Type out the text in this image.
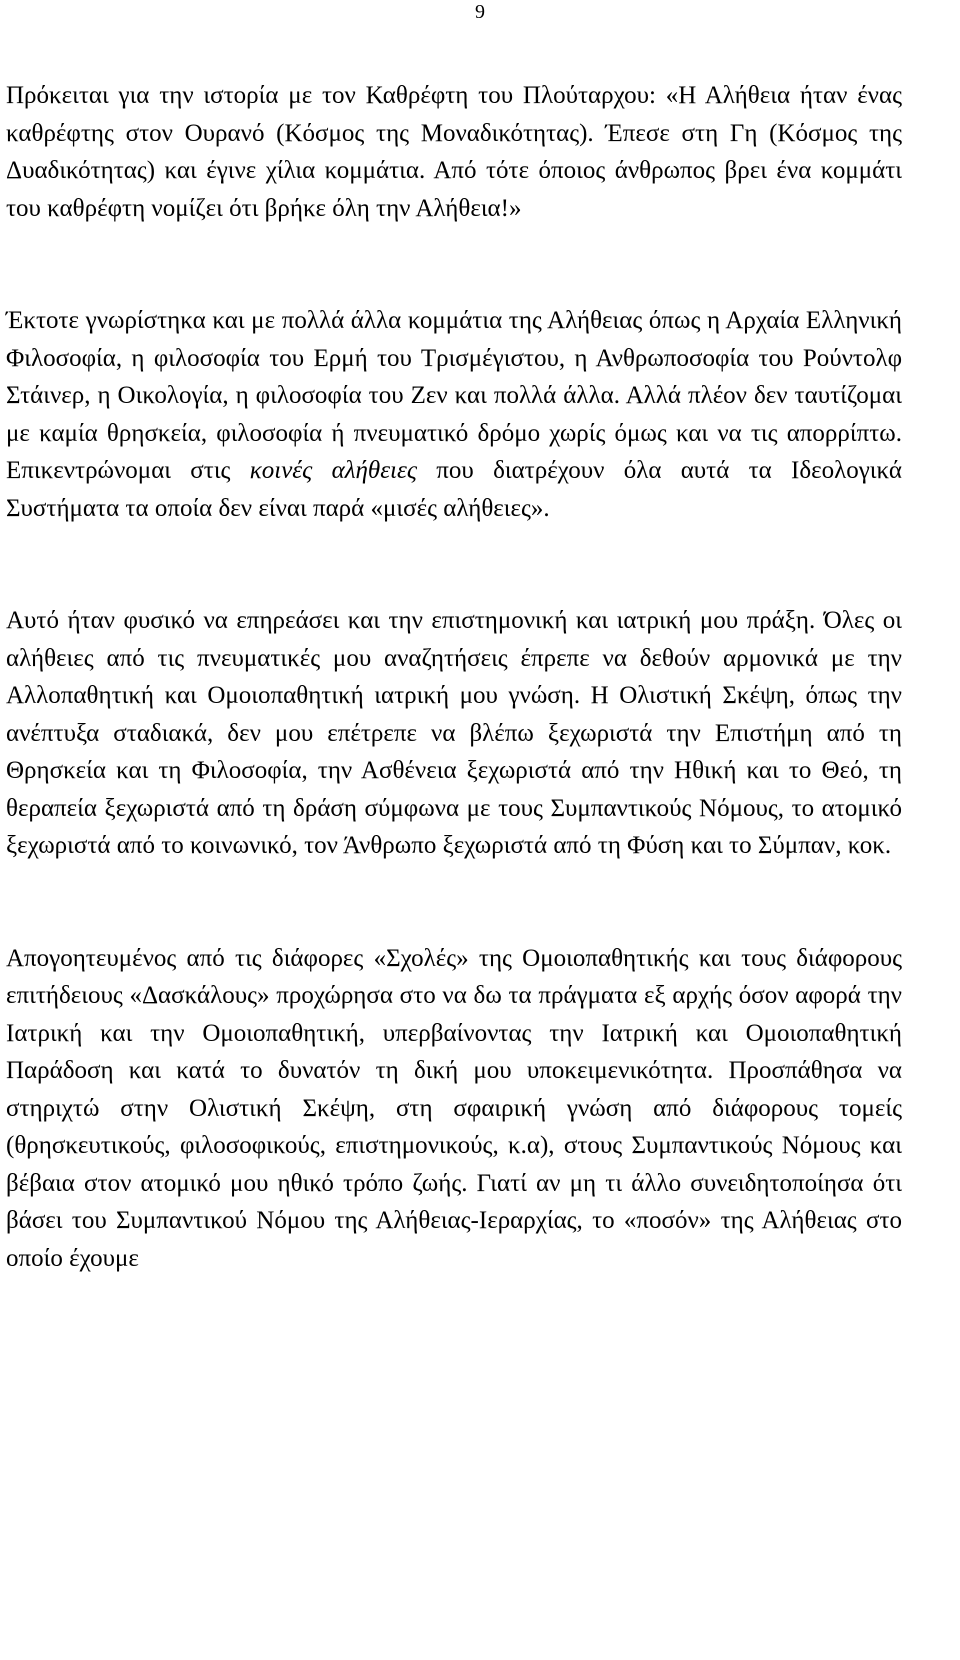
9

Πρόκειται για την ιστορία με τον Καθρέφτη του Πλούταρχου: «Η Αλήθεια ήταν ένας καθρέφτης στον Ουρανό (Κόσμος της Μοναδικότητας). Έπεσε στη Γη (Κόσμος της Δυαδικότητας) και έγινε χίλια κομμάτια. Από τότε όποιος άνθρωπος βρει ένα κομμάτι του καθρέφτη νομίζει ότι βρήκε όλη την Αλήθεια!»

Έκτοτε γνωρίστηκα και με πολλά άλλα κομμάτια της Αλήθειας όπως η Αρχαία Ελληνική Φιλοσοφία, η φιλοσοφία του Ερμή του Τρισμέγιστου, η Ανθρωποσοφία του Ρούντολφ Στάινερ, η Οικολογία, η φιλοσοφία του Ζεν και πολλά άλλα. Αλλά πλέον δεν ταυτίζομαι με καμία θρησκεία, φιλοσοφία ή πνευματικό δρόμο χωρίς όμως και να τις απορρίπτω. Επικεντρώνομαι στις κοινές αλήθειες που διατρέχουν όλα αυτά τα Ιδεολογικά Συστήματα τα οποία δεν είναι παρά «μισές αλήθειες».

Αυτό ήταν φυσικό να επηρεάσει και την επιστημονική και ιατρική μου πράξη. Όλες οι αλήθειες από τις πνευματικές μου αναζητήσεις έπρεπε να δεθούν αρμονικά με την Αλλοπαθητική και Ομοιοπαθητική ιατρική μου γνώση. Η Ολιστική Σκέψη, όπως την ανέπτυξα σταδιακά, δεν μου επέτρεπε να βλέπω ξεχωριστά την Επιστήμη από τη Θρησκεία και τη Φιλοσοφία, την Ασθένεια ξεχωριστά από την Ηθική και το Θεό, τη θεραπεία ξεχωριστά από τη δράση σύμφωνα με τους Συμπαντικούς Νόμους, το ατομικό ξεχωριστά από το κοινωνικό, τον Άνθρωπο ξεχωριστά από τη Φύση και το Σύμπαν, κοκ.

Απογοητευμένος από τις διάφορες «Σχολές» της Ομοιοπαθητικής και τους διάφορους επιτήδειους «Δασκάλους» προχώρησα στο να δω τα πράγματα εξ αρχής όσον αφορά την Ιατρική και την Ομοιοπαθητική, υπερβαίνοντας την Ιατρική και Ομοιοπαθητική Παράδοση και κατά το δυνατόν τη δική μου υποκειμενικότητα. Προσπάθησα να στηριχτώ στην Ολιστική Σκέψη, στη σφαιρική γνώση από διάφορους τομείς (θρησκευτικούς, φιλοσοφικούς, επιστημονικούς, κ.α), στους Συμπαντικούς Νόμους και βέβαια στον ατομικό μου ηθικό τρόπο ζωής. Γιατί αν μη τι άλλο συνειδητοποίησα ότι βάσει του Συμπαντικού Νόμου της Αλήθειας-Ιεραρχίας, το «ποσόν» της Αλήθειας στο οποίο έχουμε
